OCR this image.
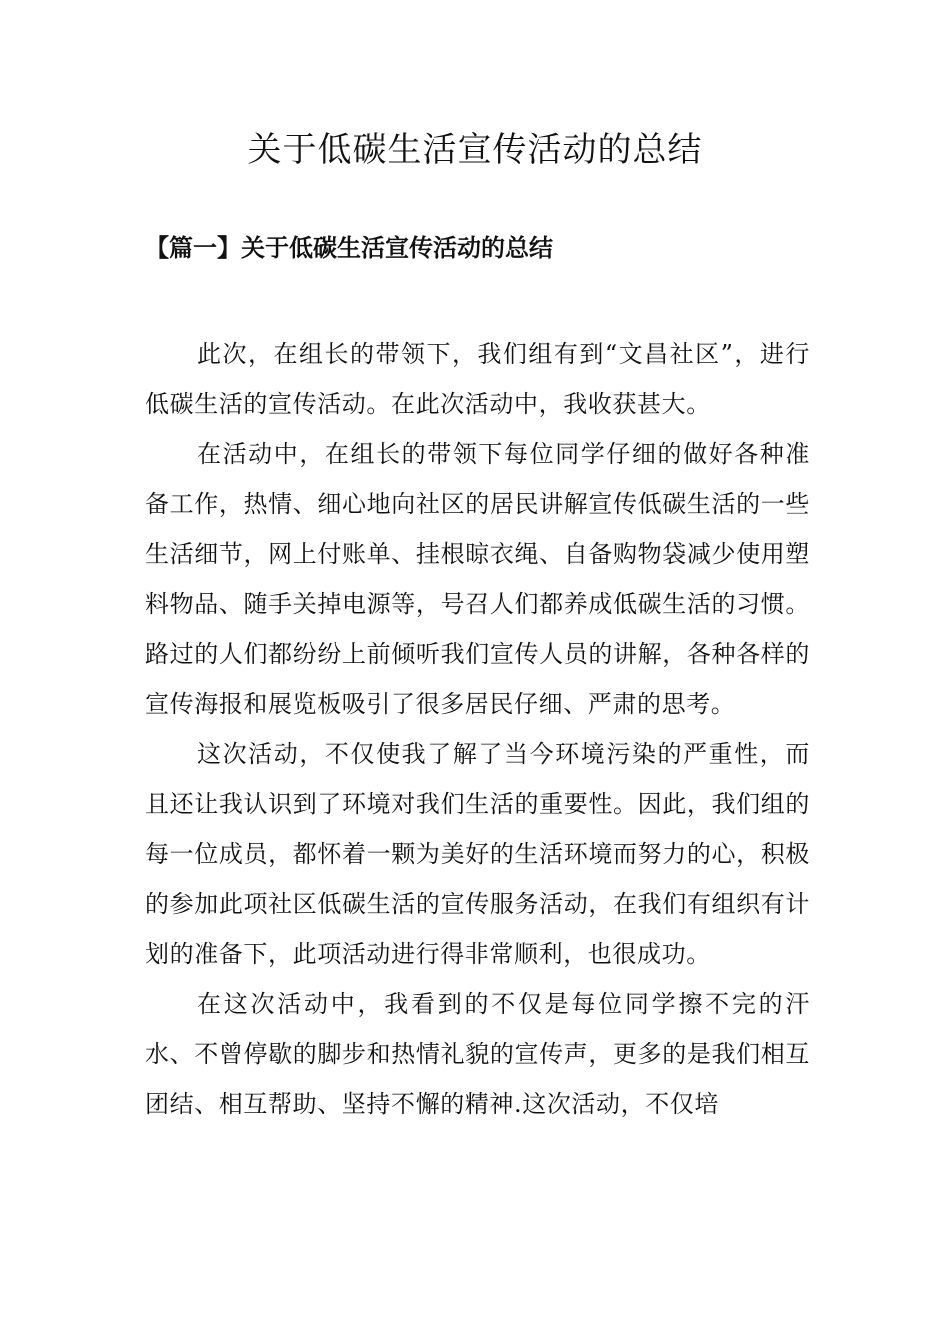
关于低碳生活宣传活动的总结
【篇一】关于低碳生活宣传活动的总结

此次，在组长的带领下，我们组有到“文昌社区”，进行低碳生活的宣传活动。在此次活动中，我收获甚大。

在活动中，在组长的带领下每位同学仔细的做好各种准备工作，热情、细心地向社区的居民讲解宣传低碳生活的一些生活细节，网上付账单、挂根晾衣绳、自备购物袋减少使用塑料物品、随手关掉电源等，号召人们都养成低碳生活的习惯。路过的人们都纷纷上前倾听我们宣传人员的讲解，各种各样的宣传海报和展览板吸引了很多居民仔细、严肃的思考。

这次活动，不仅使我了解了当今环境污染的严重性，而且还让我认识到了环境对我们生活的重要性。因此，我们组的每一位成员，都怀着一颗为美好的生活环境而努力的心，积极的参加此项社区低碳生活的宣传服务活动，在我们有组织有计划的准备下，此项活动进行得非常顺利，也很成功。

在这次活动中，我看到的不仅是每位同学擦不完的汗水、不曾停歇的脚步和热情礼貌的宣传声，更多的是我们相互团结、相互帮助、坚持不懈的精神.这次活动，不仅培
